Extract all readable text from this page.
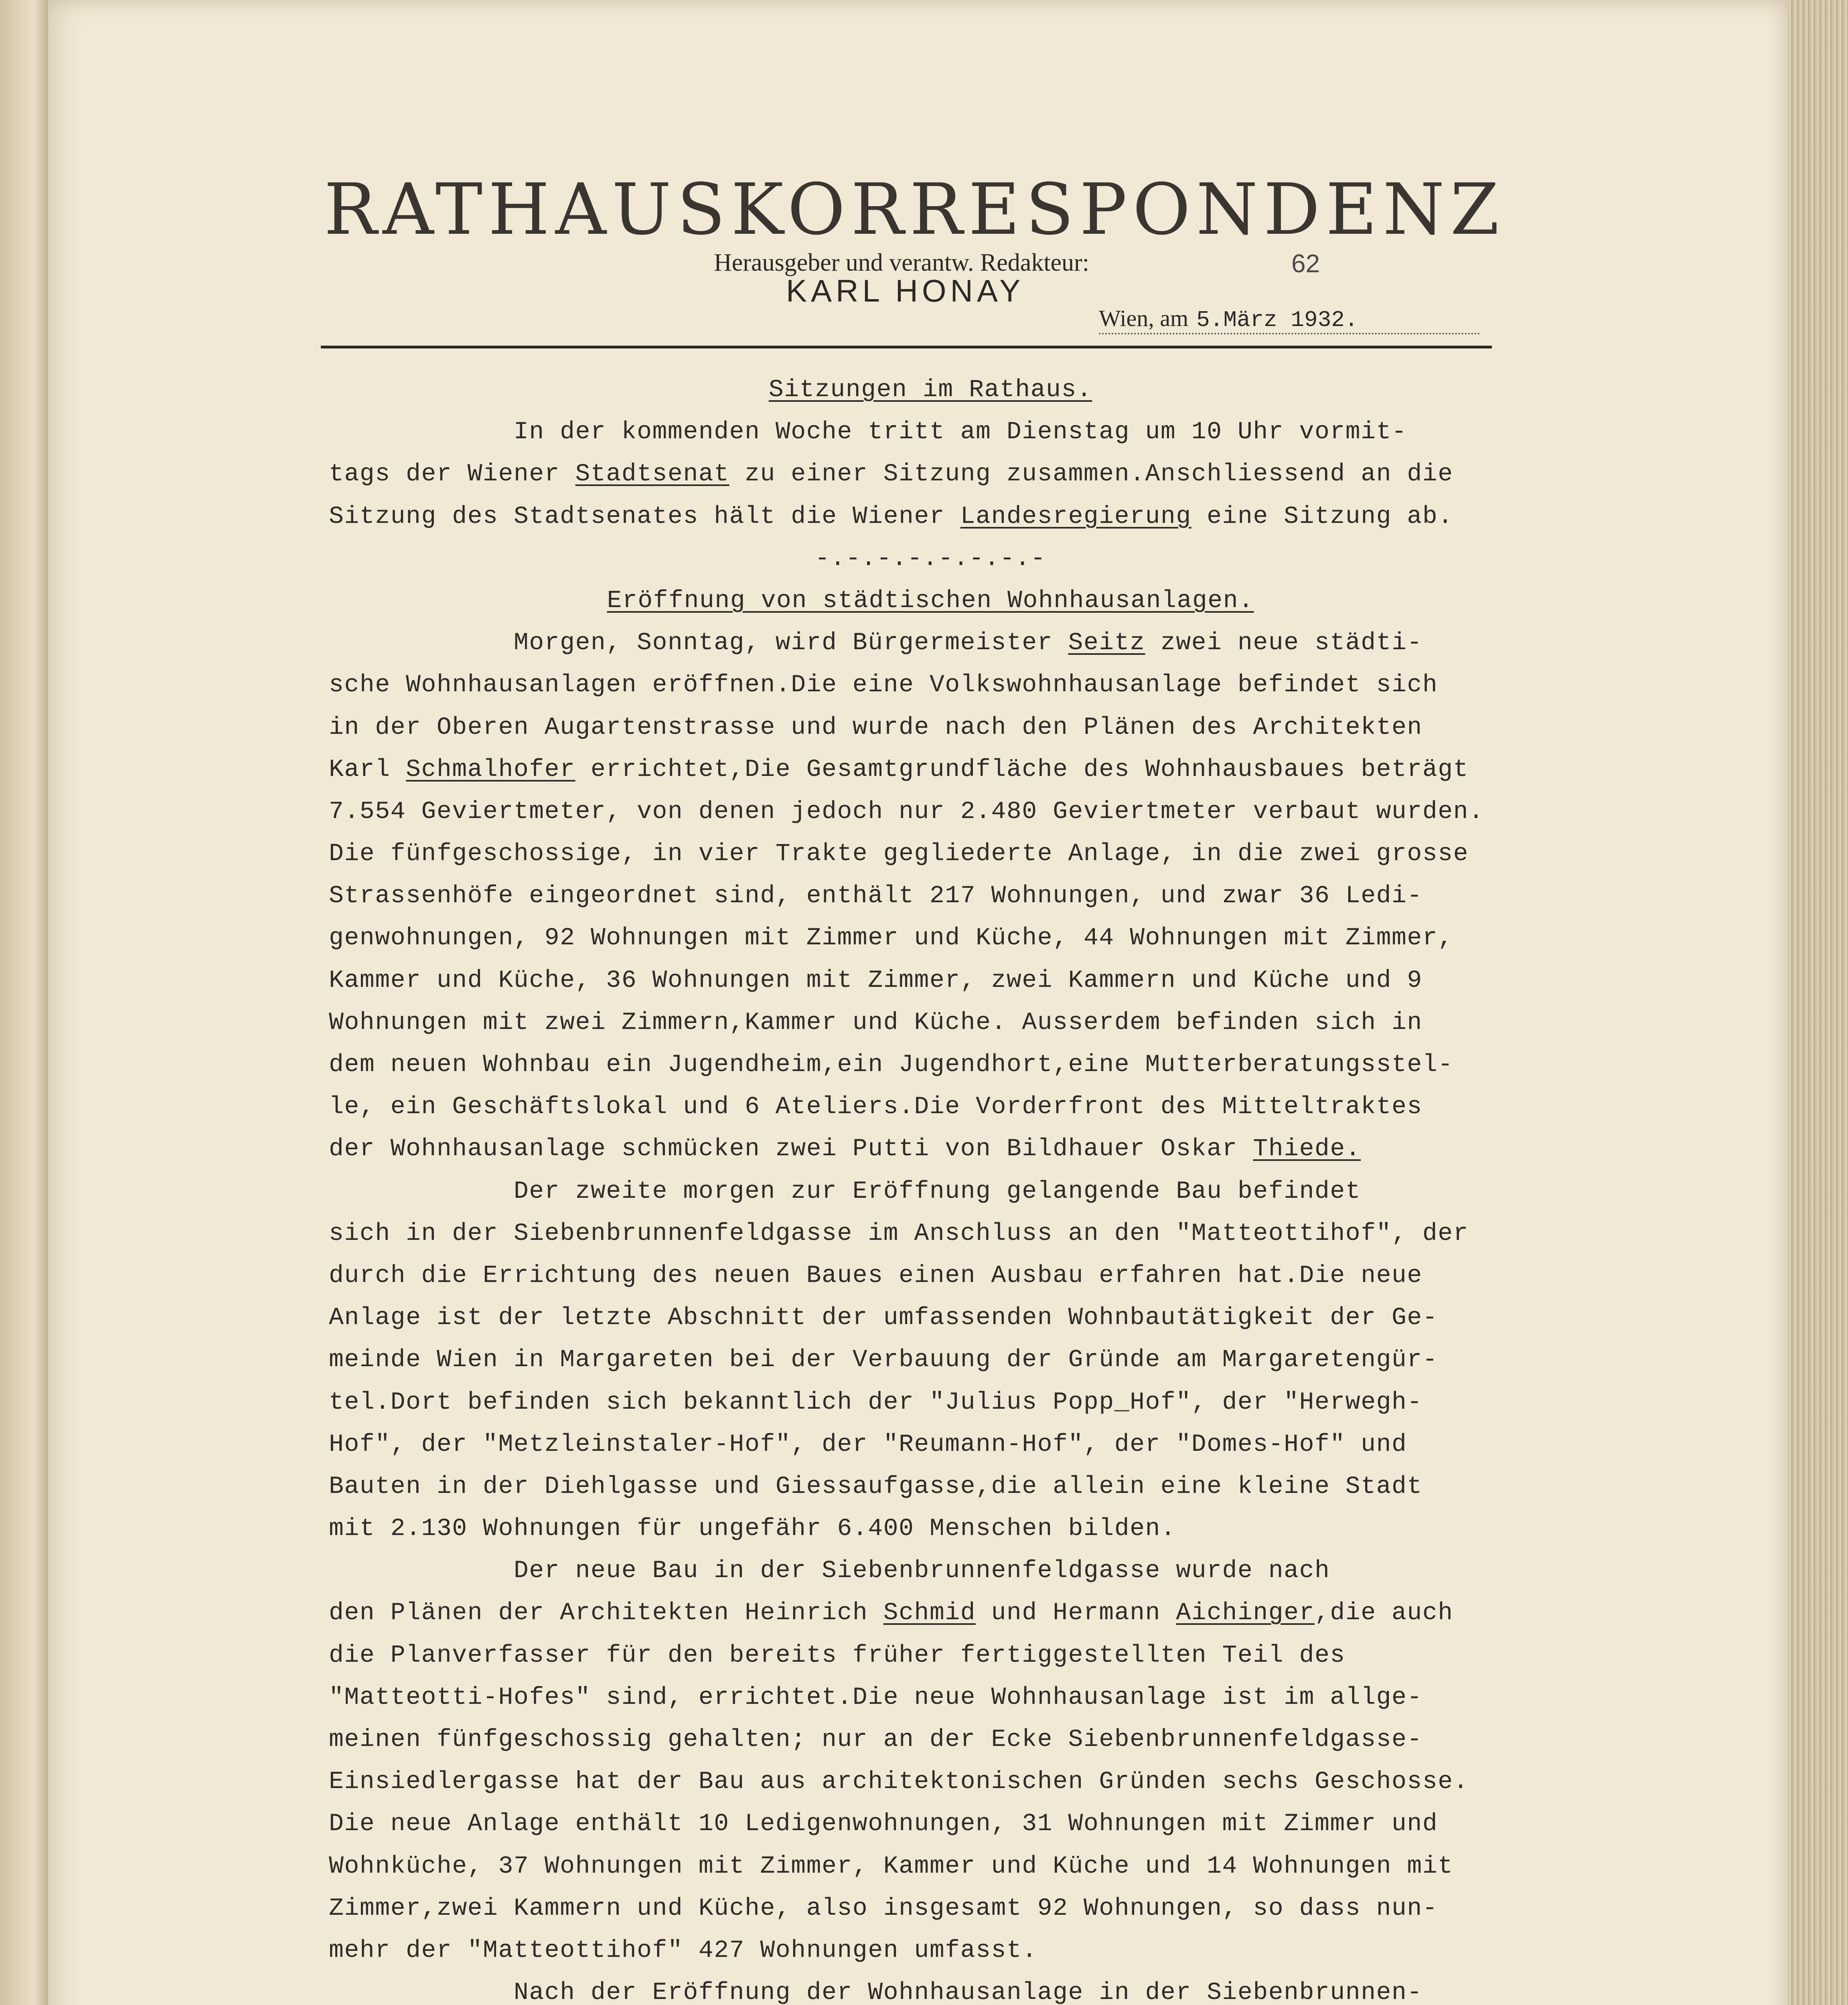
RATHAUSKORRESPONDENZ
Herausgeber und verantw. Redakteur:
KARL HONAY
62
Wien, am 5.März 1932.
Sitzungen im Rathaus.
In der kommenden Woche tritt am Dienstag um 10 Uhr vormit-
tags der Wiener Stadtsenat zu einer Sitzung zusammen.Anschliessend an die
Sitzung des Stadtsenates hält die Wiener Landesregierung eine Sitzung ab.
-.-.-.-.-.-.-.-
Eröffnung von städtischen Wohnhausanlagen.
Morgen, Sonntag, wird Bürgermeister Seitz zwei neue städti-
sche Wohnhausanlagen eröffnen.Die eine Volkswohnhausanlage befindet sich
in der Oberen Augartenstrasse und wurde nach den Plänen des Architekten
Karl Schmalhofer errichtet,Die Gesamtgrundfläche des Wohnhausbaues beträgt
7.554 Geviertmeter, von denen jedoch nur 2.480 Geviertmeter verbaut wurden.
Die fünfgeschossige, in vier Trakte gegliederte Anlage, in die zwei grosse
Strassenhöfe eingeordnet sind, enthält 217 Wohnungen, und zwar 36 Ledi-
genwohnungen, 92 Wohnungen mit Zimmer und Küche, 44 Wohnungen mit Zimmer,
Kammer und Küche, 36 Wohnungen mit Zimmer, zwei Kammern und Küche und 9
Wohnungen mit zwei Zimmern,Kammer und Küche. Ausserdem befinden sich in
dem neuen Wohnbau ein Jugendheim,ein Jugendhort,eine Mutterberatungsstel-
le, ein Geschäftslokal und 6 Ateliers.Die Vorderfront des Mitteltraktes
der Wohnhausanlage schmücken zwei Putti von Bildhauer Oskar Thiede.
Der zweite morgen zur Eröffnung gelangende Bau befindet
sich in der Siebenbrunnenfeldgasse im Anschluss an den "Matteottihof", der
durch die Errichtung des neuen Baues einen Ausbau erfahren hat.Die neue
Anlage ist der letzte Abschnitt der umfassenden Wohnbautätigkeit der Ge-
meinde Wien in Margareten bei der Verbauung der Gründe am Margaretengür-
tel.Dort befinden sich bekanntlich der "Julius Popp_Hof", der "Herwegh-
Hof", der "Metzleinstaler-Hof", der "Reumann-Hof", der "Domes-Hof" und
Bauten in der Diehlgasse und Giessaufgasse,die allein eine kleine Stadt
mit 2.130 Wohnungen für ungefähr 6.400 Menschen bilden.
Der neue Bau in der Siebenbrunnenfeldgasse wurde nach
den Plänen der Architekten Heinrich Schmid und Hermann Aichinger,die auch
die Planverfasser für den bereits früher fertiggestellten Teil des
"Matteotti-Hofes" sind, errichtet.Die neue Wohnhausanlage ist im allge-
meinen fünfgeschossig gehalten; nur an der Ecke Siebenbrunnenfeldgasse-
Einsiedlergasse hat der Bau aus architektonischen Gründen sechs Geschosse.
Die neue Anlage enthält 10 Ledigenwohnungen, 31 Wohnungen mit Zimmer und
Wohnküche, 37 Wohnungen mit Zimmer, Kammer und Küche und 14 Wohnungen mit
Zimmer,zwei Kammern und Küche, also insgesamt 92 Wohnungen, so dass nun-
mehr der "Matteottihof" 427 Wohnungen umfasst.
Nach der Eröffnung der Wohnhausanlage in der Siebenbrunnen-
